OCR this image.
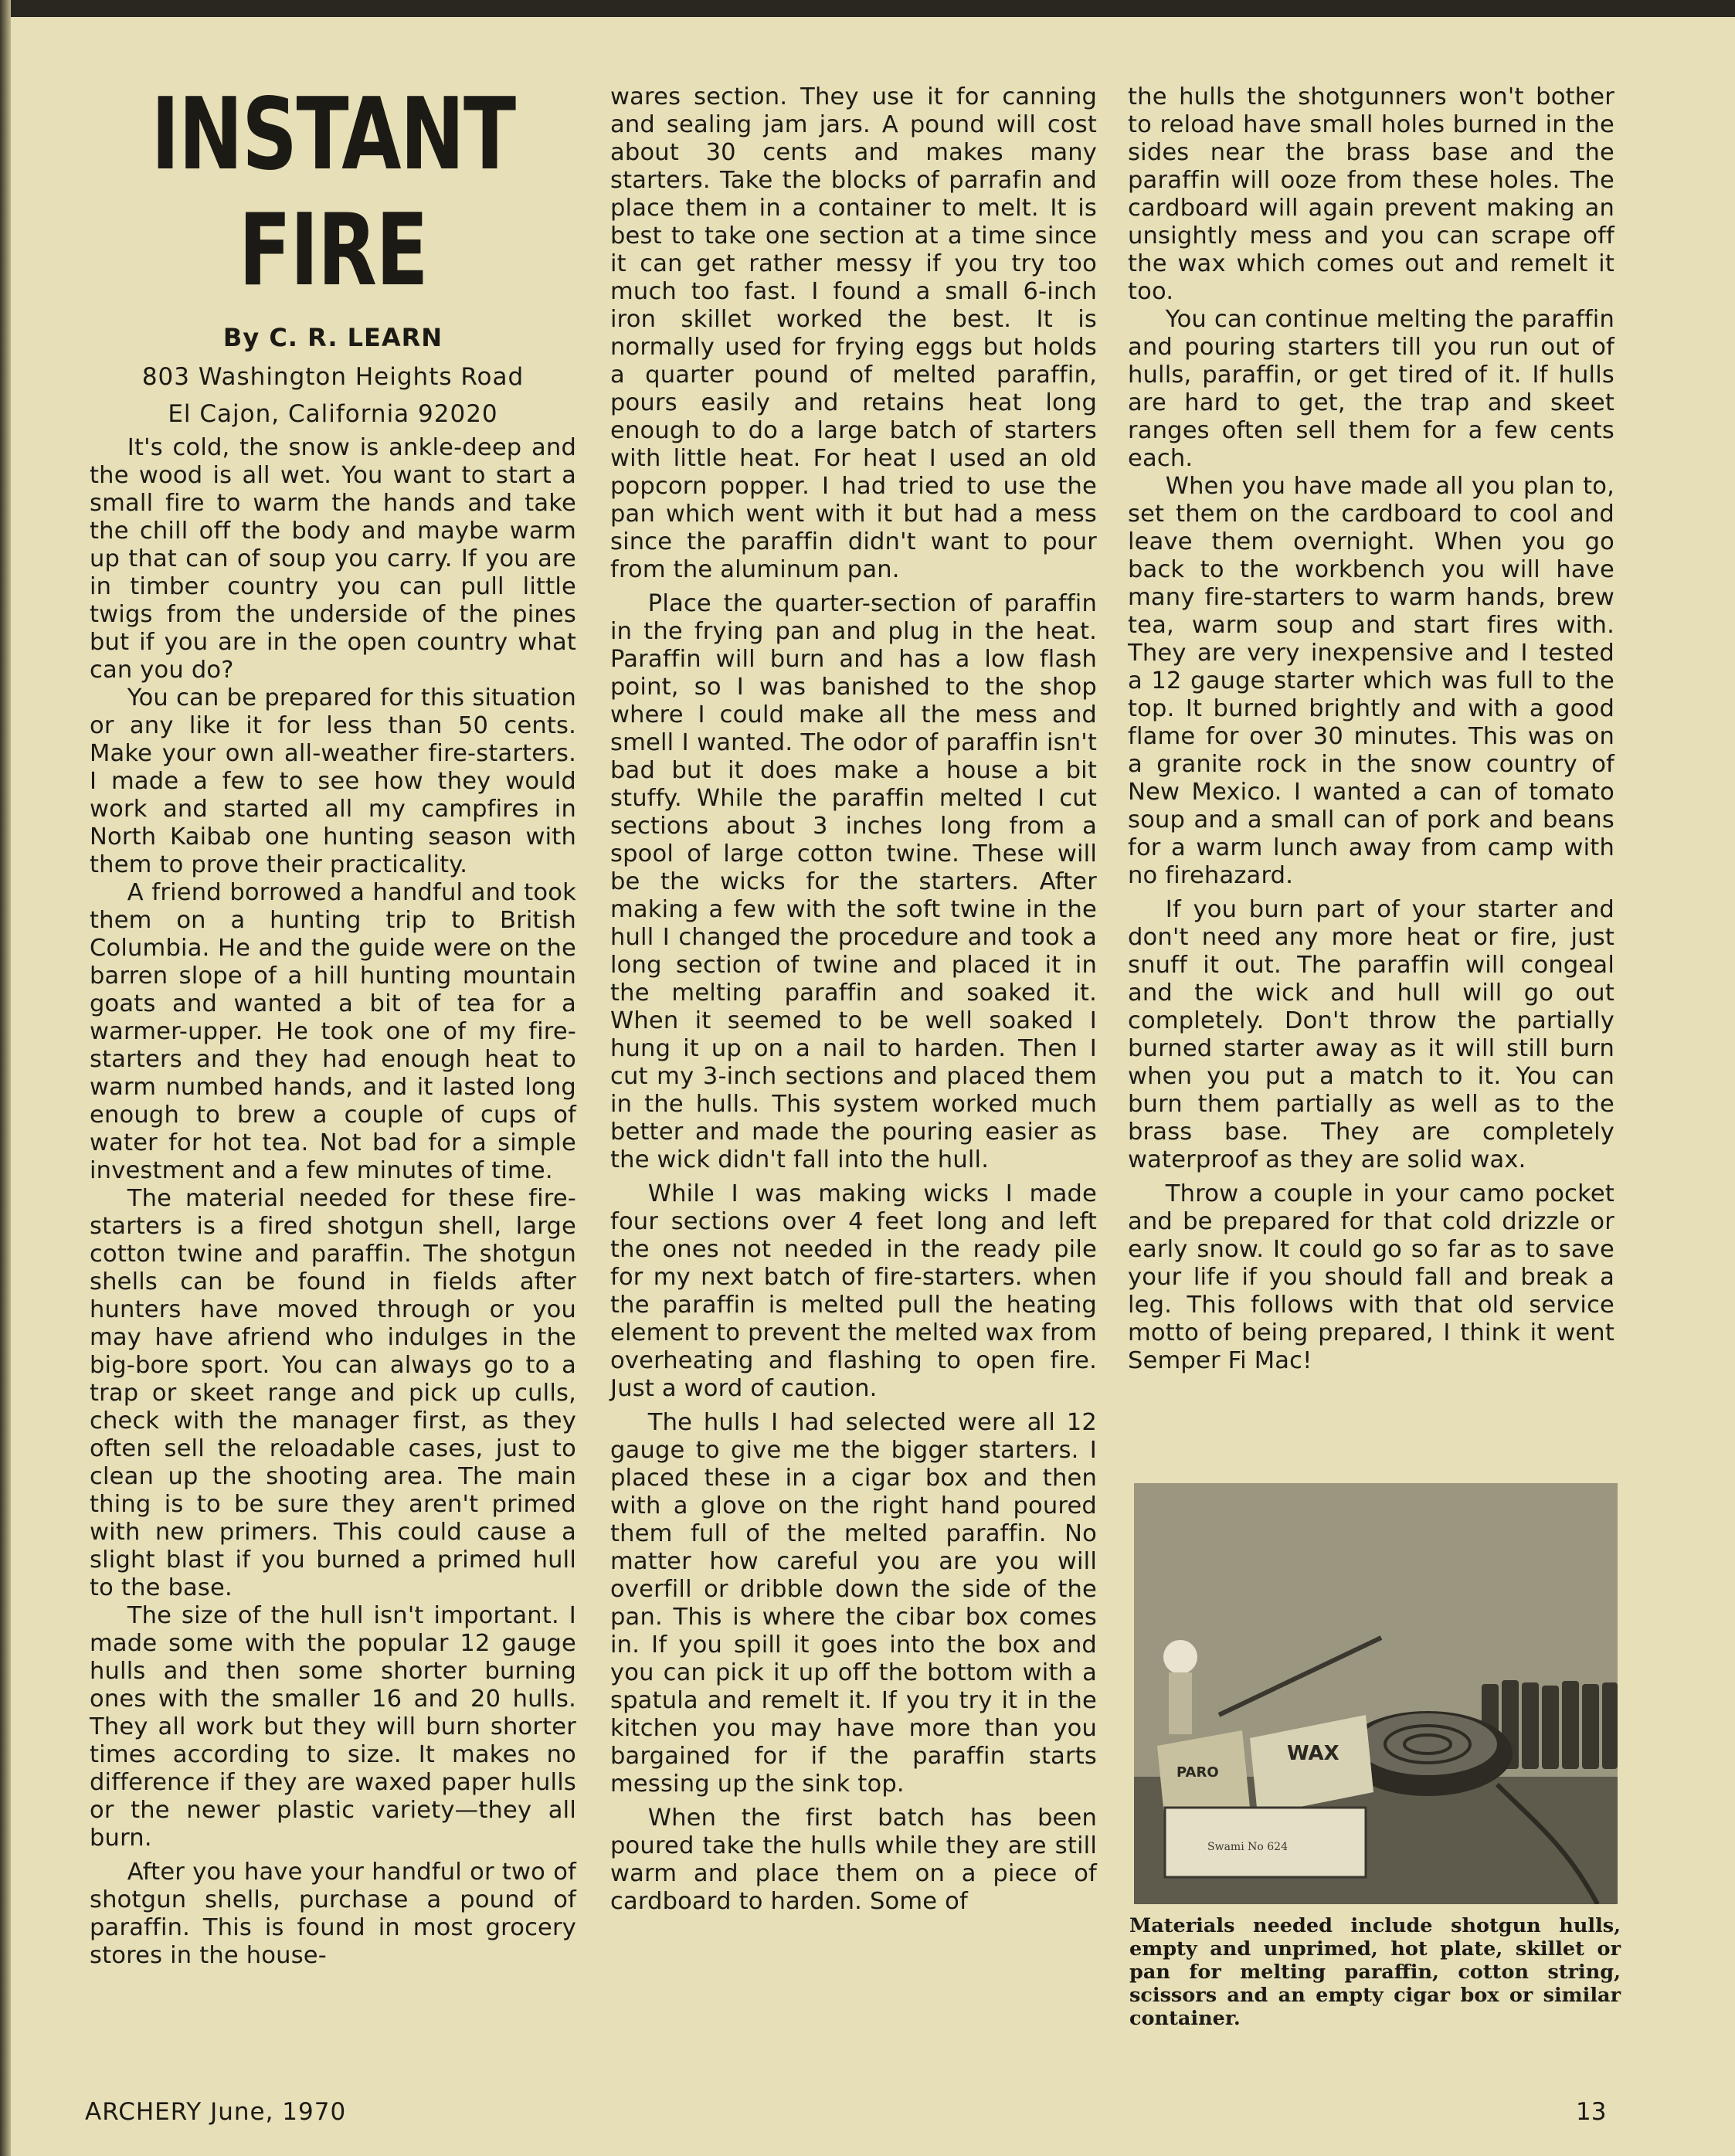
INSTANT
FIRE
By C. R. LEARN
803 Washington Heights Road
El Cajon, California 92020

It's cold, the snow is ankle-deep and the wood is all wet. You want to start a small fire to warm the hands and take the chill off the body and maybe warm up that can of soup you carry. If you are in timber country you can pull little twigs from the underside of the pines but if you are in the open country what can you do?

You can be prepared for this situation or any like it for less than 50 cents. Make your own all-weather fire-starters. I made a few to see how they would work and started all my campfires in North Kaibab one hunting season with them to prove their practicality.

A friend borrowed a handful and took them on a hunting trip to British Columbia. He and the guide were on the barren slope of a hill hunting mountain goats and wanted a bit of tea for a warmer-upper. He took one of my fire-starters and they had enough heat to warm numbed hands, and it lasted long enough to brew a couple of cups of water for hot tea. Not bad for a simple investment and a few minutes of time.

The material needed for these fire-starters is a fired shotgun shell, large cotton twine and paraffin. The shotgun shells can be found in fields after hunters have moved through or you may have afriend who indulges in the big-bore sport. You can always go to a trap or skeet range and pick up culls, check with the manager first, as they often sell the reloadable cases, just to clean up the shooting area. The main thing is to be sure they aren't primed with new primers. This could cause a slight blast if you burned a primed hull to the base.

The size of the hull isn't important. I made some with the popular 12 gauge hulls and then some shorter burning ones with the smaller 16 and 20 hulls. They all work but they will burn shorter times according to size. It makes no difference if they are waxed paper hulls or the newer plastic variety—they all burn.

After you have your handful or two of shotgun shells, purchase a pound of paraffin. This is found in most grocery stores in the house-

wares section. They use it for canning and sealing jam jars. A pound will cost about 30 cents and makes many starters. Take the blocks of parrafin and place them in a container to melt. It is best to take one section at a time since it can get rather messy if you try too much too fast. I found a small 6-inch iron skillet worked the best. It is normally used for frying eggs but holds a quarter pound of melted paraffin, pours easily and retains heat long enough to do a large batch of starters with little heat. For heat I used an old popcorn popper. I had tried to use the pan which went with it but had a mess since the paraffin didn't want to pour from the aluminum pan.

Place the quarter-section of paraffin in the frying pan and plug in the heat. Paraffin will burn and has a low flash point, so I was banished to the shop where I could make all the mess and smell I wanted. The odor of paraffin isn't bad but it does make a house a bit stuffy. While the paraffin melted I cut sections about 3 inches long from a spool of large cotton twine. These will be the wicks for the starters. After making a few with the soft twine in the hull I changed the procedure and took a long section of twine and placed it in the melting paraffin and soaked it. When it seemed to be well soaked I hung it up on a nail to harden. Then I cut my 3-inch sections and placed them in the hulls. This system worked much better and made the pouring easier as the wick didn't fall into the hull.

While I was making wicks I made four sections over 4 feet long and left the ones not needed in the ready pile for my next batch of fire-starters. when the paraffin is melted pull the heating element to prevent the melted wax from overheating and flashing to open fire. Just a word of caution.

The hulls I had selected were all 12 gauge to give me the bigger starters. I placed these in a cigar box and then with a glove on the right hand poured them full of the melted paraffin. No matter how careful you are you will overfill or dribble down the side of the pan. This is where the cibar box comes in. If you spill it goes into the box and you can pick it up off the bottom with a spatula and remelt it. If you try it in the kitchen you may have more than you bargained for if the paraffin starts messing up the sink top.

When the first batch has been poured take the hulls while they are still warm and place them on a piece of cardboard to harden. Some of

the hulls the shotgunners won't bother to reload have small holes burned in the sides near the brass base and the paraffin will ooze from these holes. The cardboard will again prevent making an unsightly mess and you can scrape off the wax which comes out and remelt it too.

You can continue melting the paraffin and pouring starters till you run out of hulls, paraffin, or get tired of it. If hulls are hard to get, the trap and skeet ranges often sell them for a few cents each.

When you have made all you plan to, set them on the cardboard to cool and leave them overnight. When you go back to the workbench you will have many fire-starters to warm hands, brew tea, warm soup and start fires with. They are very inexpensive and I tested a 12 gauge starter which was full to the top. It burned brightly and with a good flame for over 30 minutes. This was on a granite rock in the snow country of New Mexico. I wanted a can of tomato soup and a small can of pork and beans for a warm lunch away from camp with no firehazard.

If you burn part of your starter and don't need any more heat or fire, just snuff it out. The paraffin will congeal and the wick and hull will go out completely. Don't throw the partially burned starter away as it will still burn when you put a match to it. You can burn them partially as well as to the brass base. They are completely waterproof as they are solid wax.

Throw a couple in your camo pocket and be prepared for that cold drizzle or early snow. It could go so far as to save your life if you should fall and break a leg. This follows with that old service motto of being prepared, I think it went Semper Fi Mac!

WAX
PARO
Swami No 624
Materials needed include shotgun hulls, empty and unprimed, hot plate, skillet or pan for melting paraffin, cotton string, scissors and an empty cigar box or similar container.
ARCHERY June, 1970	13
